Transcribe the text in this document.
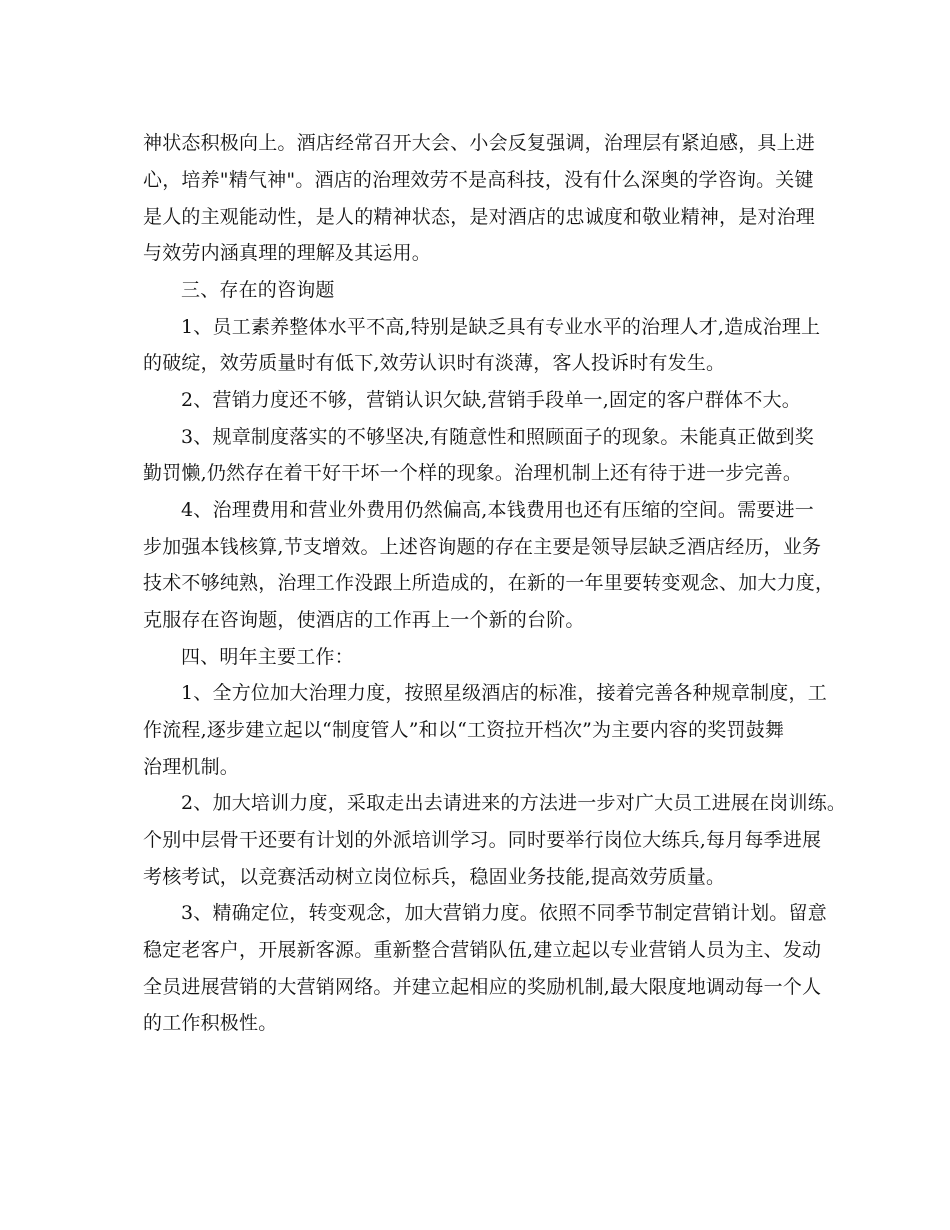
神状态积极向上。酒店经常召开大会、小会反复强调，治理层有紧迫感，具上进
心，培养"精气神"。酒店的治理效劳不是高科技，没有什么深奥的学咨询。关键
是人的主观能动性，是人的精神状态，是对酒店的忠诚度和敬业精神，是对治理
与效劳内涵真理的理解及其运用。
三、存在的咨询题
1、员工素养整体水平不高,特别是缺乏具有专业水平的治理人才,造成治理上
的破绽，效劳质量时有低下,效劳认识时有淡薄，客人投诉时有发生。
2、营销力度还不够，营销认识欠缺,营销手段单一,固定的客户群体不大。
3、规章制度落实的不够坚决,有随意性和照顾面子的现象。未能真正做到奖
勤罚懒,仍然存在着干好干坏一个样的现象。治理机制上还有待于进一步完善。
4、治理费用和营业外费用仍然偏高,本钱费用也还有压缩的空间。需要进一
步加强本钱核算,节支增效。上述咨询题的存在主要是领导层缺乏酒店经历，业务
技术不够纯熟，治理工作没跟上所造成的，在新的一年里要转变观念、加大力度，
克服存在咨询题，使酒店的工作再上一个新的台阶。
四、明年主要工作：
1、全方位加大治理力度，按照星级酒店的标准，接着完善各种规章制度，工
作流程,逐步建立起以“制度管人”和以“工资拉开档次”为主要内容的奖罚鼓舞
治理机制。
2、加大培训力度，采取走出去请进来的方法进一步对广大员工进展在岗训练。
个别中层骨干还要有计划的外派培训学习。同时要举行岗位大练兵,每月每季进展
考核考试，以竞赛活动树立岗位标兵，稳固业务技能,提高效劳质量。
3、精确定位，转变观念，加大营销力度。依照不同季节制定营销计划。留意
稳定老客户，开展新客源。重新整合营销队伍,建立起以专业营销人员为主、发动
全员进展营销的大营销网络。并建立起相应的奖励机制,最大限度地调动每一个人
的工作积极性。
